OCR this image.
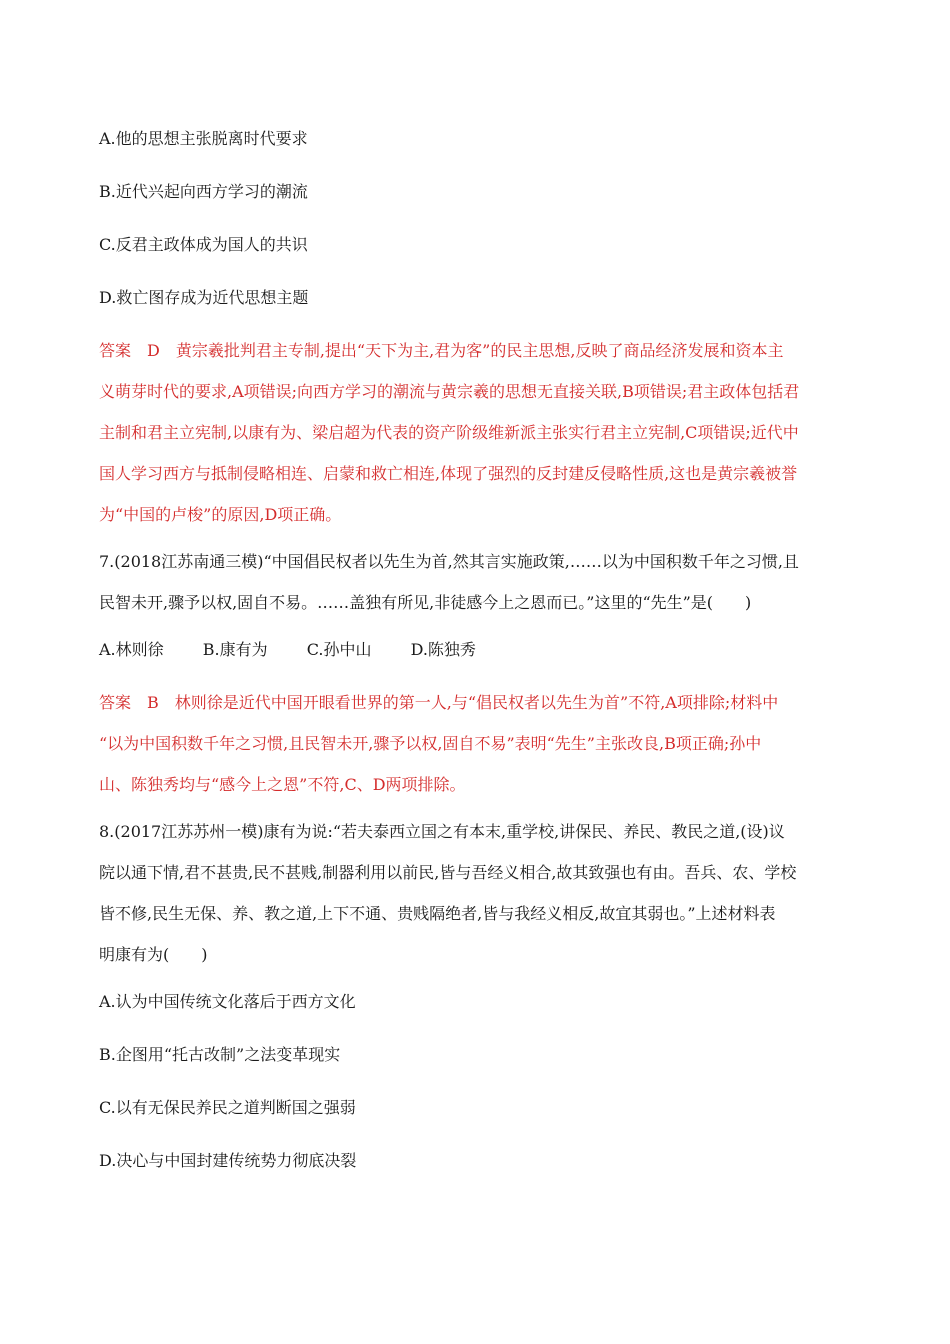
A.他的思想主张脱离时代要求
B.近代兴起向西方学习的潮流
C.反君主政体成为国人的共识
D.救亡图存成为近代思想主题
答案　D　黄宗羲批判君主专制,提出“天下为主,君为客”的民主思想,反映了商品经济发展和资本主
义萌芽时代的要求,A项错误;向西方学习的潮流与黄宗羲的思想无直接关联,B项错误;君主政体包括君
主制和君主立宪制,以康有为、梁启超为代表的资产阶级维新派主张实行君主立宪制,C项错误;近代中
国人学习西方与抵制侵略相连、启蒙和救亡相连,体现了强烈的反封建反侵略性质,这也是黄宗羲被誉
为“中国的卢梭”的原因,D项正确。
7.(2018江苏南通三模)“中国倡民权者以先生为首,然其言实施政策,……以为中国积数千年之习惯,且
民智未开,骤予以权,固自不易。……盖独有所见,非徒感今上之恩而已。”这里的“先生”是(　　)
A.林则徐 B.康有为 C.孙中山 D.陈独秀
答案　B　林则徐是近代中国开眼看世界的第一人,与“倡民权者以先生为首”不符,A项排除;材料中
“以为中国积数千年之习惯,且民智未开,骤予以权,固自不易”表明“先生”主张改良,B项正确;孙中
山、陈独秀均与“感今上之恩”不符,C、D两项排除。
8.(2017江苏苏州一模)康有为说:“若夫泰西立国之有本末,重学校,讲保民、养民、教民之道,(设)议
院以通下情,君不甚贵,民不甚贱,制器利用以前民,皆与吾经义相合,故其致强也有由。吾兵、农、学校
皆不修,民生无保、养、教之道,上下不通、贵贱隔绝者,皆与我经义相反,故宜其弱也。”上述材料表
明康有为(　　)
A.认为中国传统文化落后于西方文化
B.企图用“托古改制”之法变革现实
C.以有无保民养民之道判断国之强弱
D.决心与中国封建传统势力彻底决裂
